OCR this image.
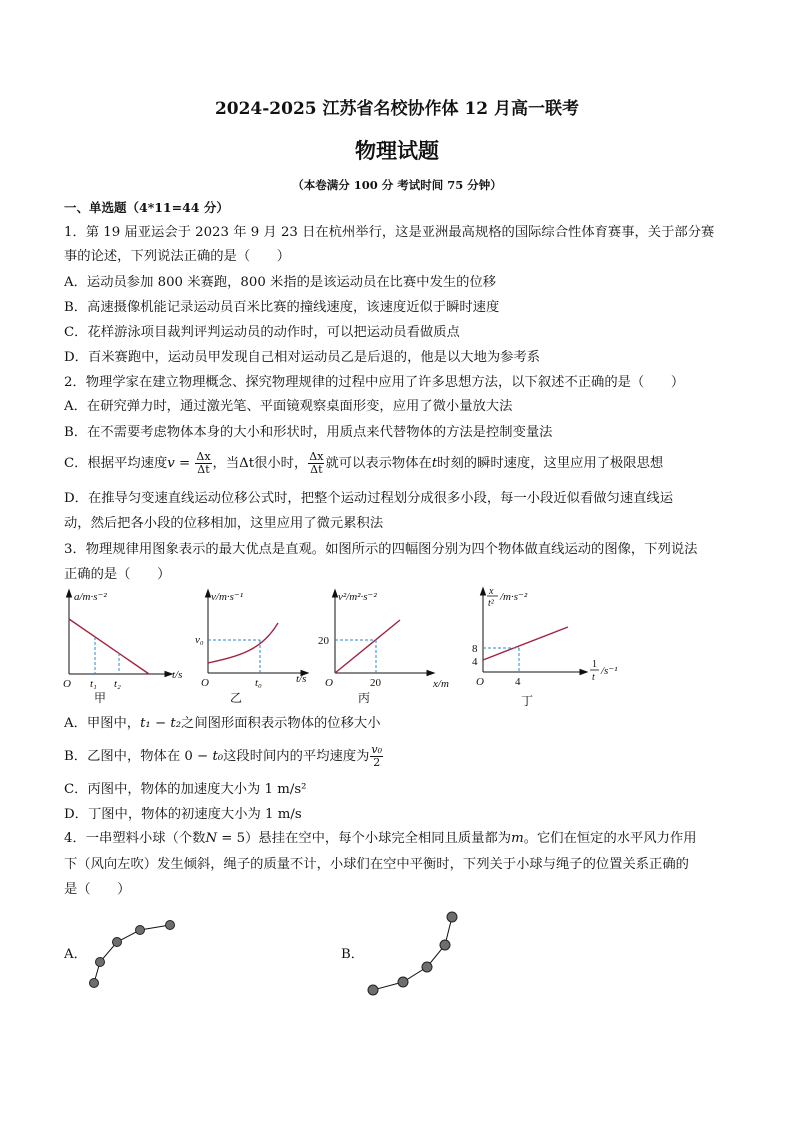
2024-2025 江苏省名校协作体 12 月高一联考
物理试题
（本卷满分 100 分 考试时间 75 分钟）
一、单选题（4*11=44 分）
1．第 19 届亚运会于 2023 年 9 月 23 日在杭州举行，这是亚洲最高规格的国际综合性体育赛事，关于部分赛
事的论述，下列说法正确的是（　　）
A．运动员参加 800 米赛跑，800 米指的是该运动员在比赛中发生的位移
B．高速摄像机能记录运动员百米比赛的撞线速度，该速度近似于瞬时速度
C．花样游泳项目裁判评判运动员的动作时，可以把运动员看做质点
D．百米赛跑中，运动员甲发现自己相对运动员乙是后退的，他是以大地为参考系
2．物理学家在建立物理概念、探究物理规律的过程中应用了许多思想方法，以下叙述不正确的是（　　）
A．在研究弹力时，通过激光笔、平面镜观察桌面形变，应用了微小量放大法
B．在不需要考虑物体本身的大小和形状时，用质点来代替物体的方法是控制变量法
C．根据平均速度$v = \frac{\Delta x}{\Delta t}$ ，当Δt很小时， $\frac{\Delta x}{\Delta t}$ 就可以表示物体在t时刻的瞬时速度，这里应用了极限思想
D．在推导匀变速直线运动位移公式时，把整个运动过程划分成很多小段，每一小段近似看做匀速直线运
动，然后把各小段的位移相加，这里应用了微元累积法
3．物理规律用图象表示的最大优点是直观。如图所示的四幅图分别为四个物体做直线运动的图像，下列说法
正确的是（　　）
a/m·s⁻²
t/s
O t₁ t₂
甲
v/m·s⁻¹
t/s
O
v₀
t₀
乙
v²/m²·s⁻²
x/m
O
20
20
丙
x
t²
/m·s⁻²
1
t
/s⁻¹
O
8
4
4
丁
A．甲图中，t₁ − t₂之间图形面积表示物体的位移大小
B．乙图中，物体在 0 − t₀这段时间内的平均速度为 $\frac{\text{v₀}}{2}$
C．丙图中，物体的加速度大小为 1 m/s²
D．丁图中，物体的初速度大小为 1 m/s
4．一串塑料小球（个数N = 5）悬挂在空中，每个小球完全相同且质量都为m。它们在恒定的水平风力作用
下（风向左吹）发生倾斜，绳子的质量不计，小球们在空中平衡时，下列关于小球与绳子的位置关系正确的
是（　　）
A．	B．
